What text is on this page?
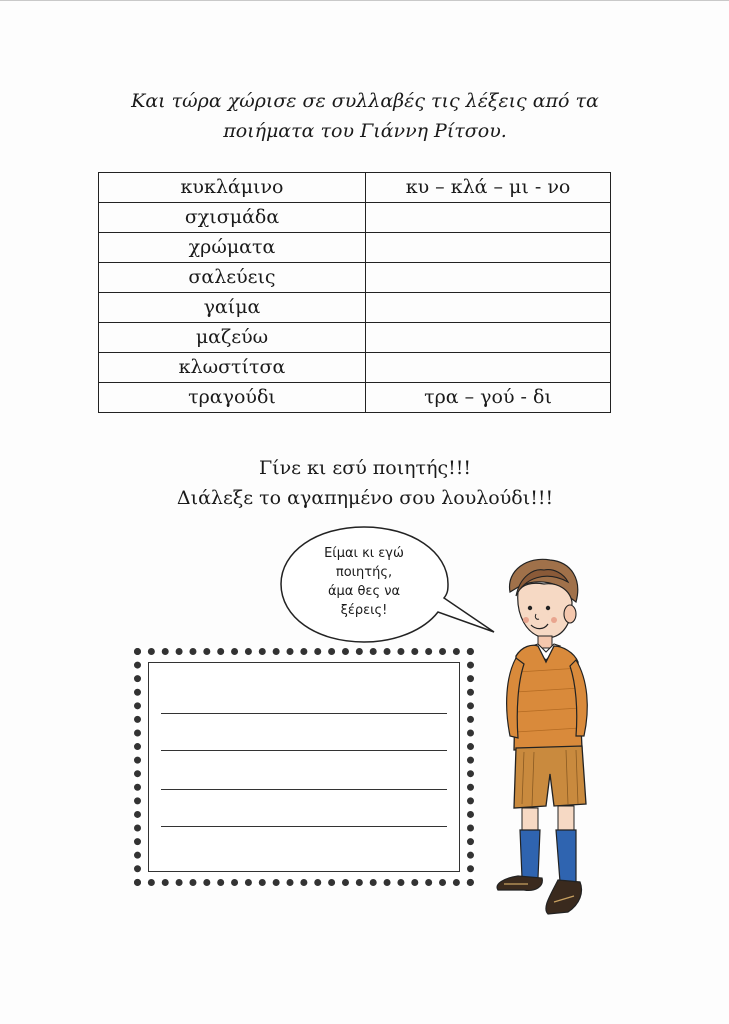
Και τώρα χώρισε σε συλλαβές τις λέξεις από τα
ποιήματα του Γιάννη Ρίτσου.
κυκλάμινο	κυ – κλά – μι - νο
σχισμάδα	
χρώματα	
σαλεύεις	
γαίμα	
μαζεύω	
κλωστίτσα	
τραγούδι	τρα – γού - δι
Γίνε κι εσύ ποιητής!!!
Διάλεξε το αγαπημένο σου λουλούδι!!!
Είμαι κι εγώ
ποιητής,
άμα θες να
ξέρεις!
